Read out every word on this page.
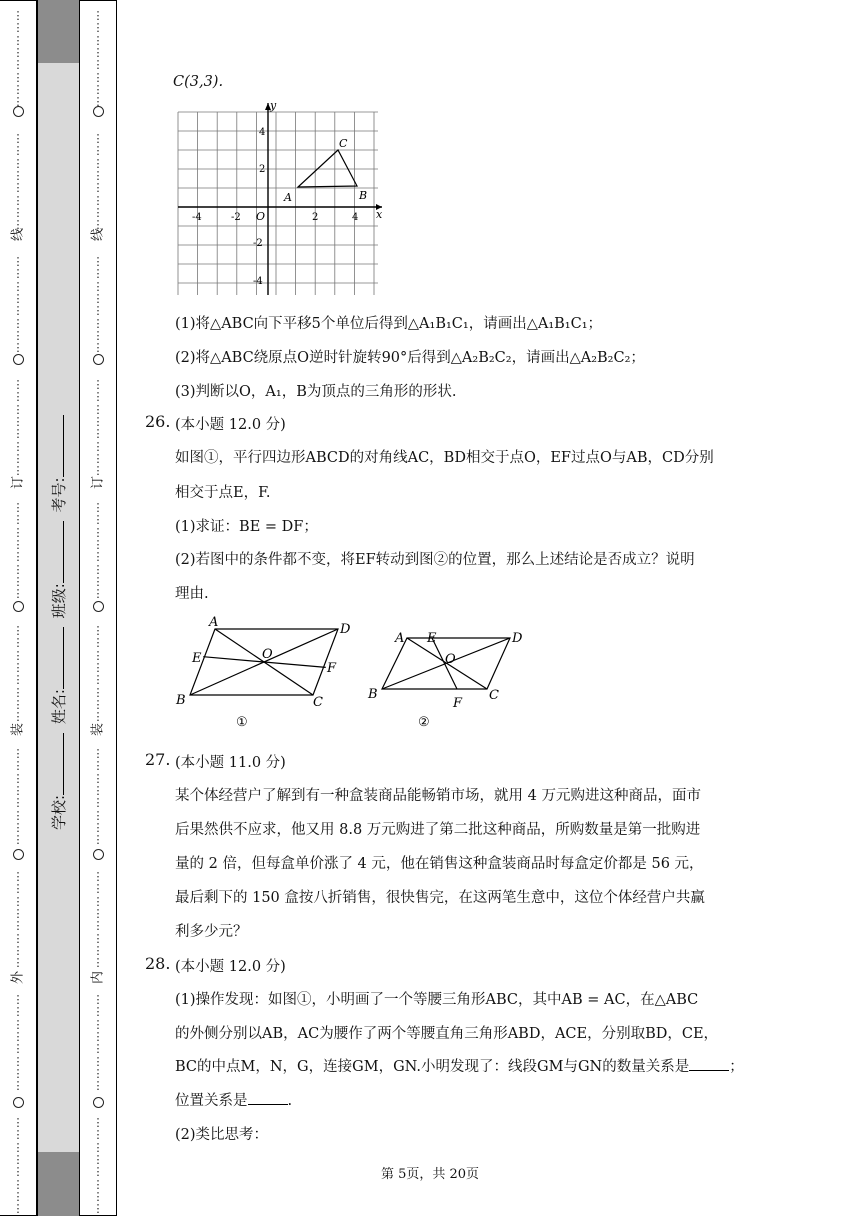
⋮
⋮
⋮
⋮
⋮
⋮
⋮
⋮
⋮
⋮
⋮
⋮
⋮
⋮
⋮
⋮
⋮
⋮
⋮
⋮
⋮
⋮
⋮
⋮
⋮
⋮
⋮
⋮
⋮
⋮
⋮
⋮
⋮
⋮
⋮
⋮
⋮
⋮
⋮
⋮
⋮
⋮
⋮
⋮
⋮
⋮
⋮
⋮
⋮
⋮
⋮
⋮
⋮
⋮
⋮
⋮
⋮
⋮
⋮
⋮
⋮
⋮
⋮
⋮
⋮
⋮
⋮
⋮
⋮
⋮
⋮
⋮
⋮
⋮
⋮
⋮
⋮
⋮
⋮
⋮
线
订
装
外
⋮
⋮
⋮
⋮
⋮
⋮
⋮
⋮
⋮
⋮
⋮
⋮
⋮
⋮
⋮
⋮
⋮
⋮
⋮
⋮
⋮
⋮
⋮
⋮
⋮
⋮
⋮
⋮
⋮
⋮
⋮
⋮
⋮
⋮
⋮
⋮
⋮
⋮
⋮
⋮
⋮
⋮
⋮
⋮
⋮
⋮
⋮
⋮
⋮
⋮
⋮
⋮
⋮
⋮
⋮
⋮
⋮
⋮
⋮
⋮
⋮
⋮
⋮
⋮
⋮
⋮
⋮
⋮
⋮
⋮
⋮
⋮
⋮
⋮
⋮
⋮
⋮
⋮
⋮
⋮
线
订
装
内
学校: 姓名: 班级: 考号:
C(3,3).
x
y
-4	-2 O	2	4
4
2
-2
-4
A	B
C
(1)将△ABC向下平移5个单位后得到△A₁B₁C₁，请画出△A₁B₁C₁；
(2)将△ABC绕原点O逆时针旋转90°后得到△A₂B₂C₂，请画出△A₂B₂C₂；
(3)判断以O，A₁，B为顶点的三角形的形状.
26. (本小题 12.0 分)
如图①，平行四边形ABCD的对角线AC，BD相交于点O，EF过点O与AB，CD分别
相交于点E，F.
(1)求证：BE = DF；
(2)若图中的条件都不变，将EF转动到图②的位置，那么上述结论是否成立？说明
理由.
A	D
E	O
F
B	C
①
A E	D
O
B
F
C
②
27. (本小题 11.0 分)
某个体经营户了解到有一种盒装商品能畅销市场，就用 4 万元购进这种商品，面市
后果然供不应求，他又用 8.8 万元购进了第二批这种商品，所购数量是第一批购进
量的 2 倍，但每盒单价涨了 4 元，他在销售这种盒装商品时每盒定价都是 56 元，
最后剩下的 150 盒按八折销售，很快售完，在这两笔生意中，这位个体经营户共赢
利多少元？
28. (本小题 12.0 分)
(1)操作发现：如图①，小明画了一个等腰三角形ABC，其中AB = AC，在△ABC
的外侧分别以AB，AC为腰作了两个等腰直角三角形ABD，ACE，分别取BD，CE，
BC的中点M，N，G，连接GM，GN.小明发现了：线段GM与GN的数量关系是	；
位置关系是	.
(2)类比思考：
第 5页，共 20页
